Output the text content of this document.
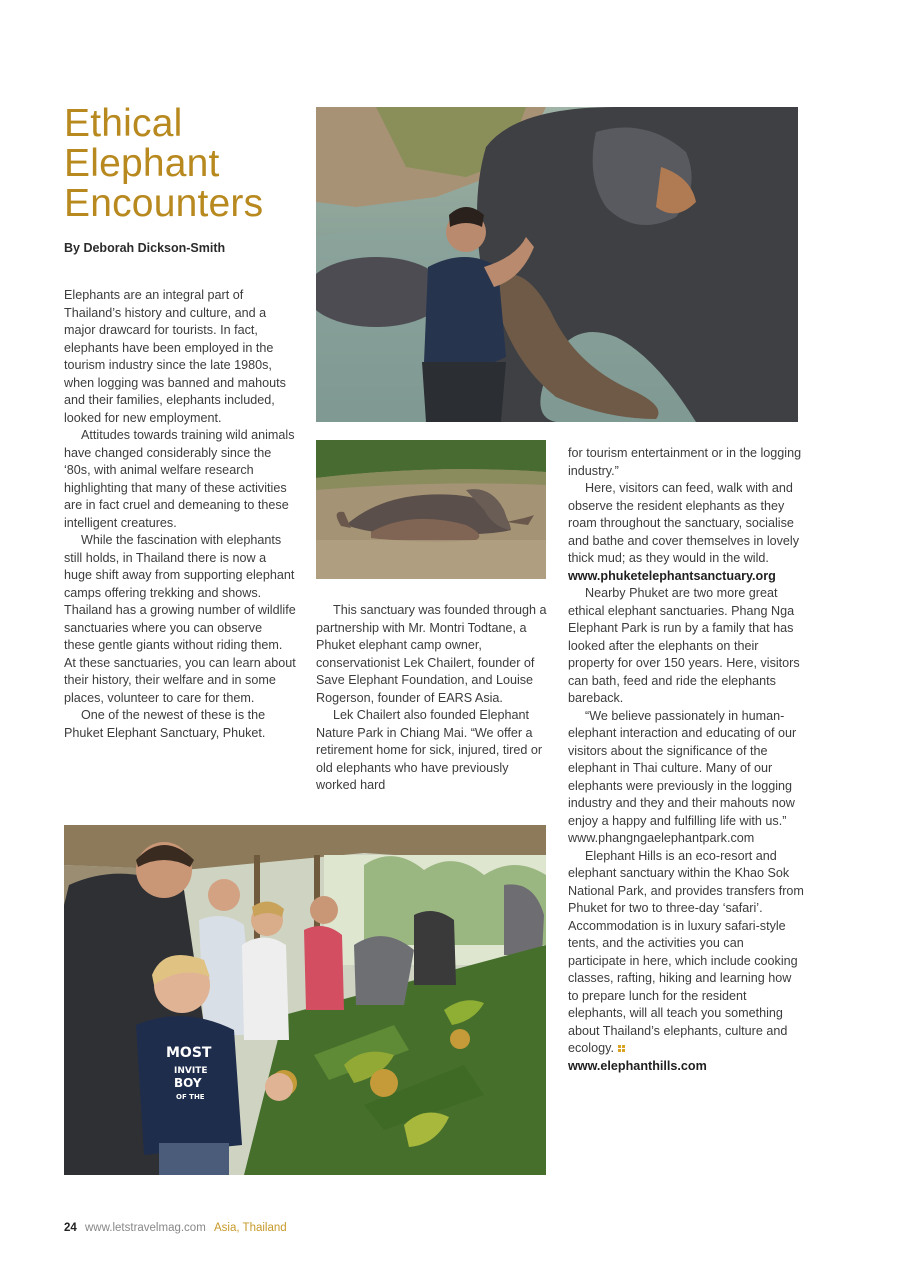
Ethical
Elephant
Encounters
By Deborah Dickson-Smith
MOST
INVITE
BOY
OF THE

Elephants are an integral part of Thailand’s history and culture, and a major drawcard for tourists. In fact, elephants have been employed in the tourism industry since the late 1980s, when logging was banned and mahouts and their families, elephants included, looked for new employment.

Attitudes towards training wild animals have changed considerably since the ‘80s, with animal welfare research highlighting that many of these activities are in fact cruel and demeaning to these intelligent creatures.

While the fascination with elephants still holds, in Thailand there is now a huge shift away from supporting elephant camps offering trekking and shows. Thailand has a growing number of wildlife sanctuaries where you can observe these gentle giants without riding them. At these sanctuaries, you can learn about their history, their welfare and in some places, volunteer to care for them.

One of the newest of these is the Phuket Elephant Sanctuary, Phuket.

This sanctuary was founded through a partnership with Mr. Montri Todtane, a Phuket elephant camp owner, conservationist Lek Chailert, founder of Save Elephant Foundation, and Louise Rogerson, founder of EARS Asia.

Lek Chailert also founded Elephant Nature Park in Chiang Mai. “We offer a retirement home for sick, injured, tired or old elephants who have previously worked hard

for tourism entertainment or in the logging industry.”

Here, visitors can feed, walk with and observe the resident elephants as they roam throughout the sanctuary, socialise and bathe and cover themselves in lovely thick mud; as they would in the wild.

www.phuketelephantsanctuary.org

Nearby Phuket are two more great ethical elephant sanctuaries. Phang Nga Elephant Park is run by a family that has looked after the elephants on their property for over 150 years. Here, visitors can bath, feed and ride the elephants bareback.

“We believe passionately in human-elephant interaction and educating of our visitors about the significance of the elephant in Thai culture. Many of our elephants were previously in the logging industry and they and their mahouts now enjoy a happy and fulfilling life with us.” www.phangngaelephantpark.com

Elephant Hills is an eco-resort and elephant sanctuary within the Khao Sok National Park, and provides transfers from Phuket for two to three-day ‘safari’. Accommodation is in luxury safari-style tents, and the activities you can participate in here, which include cooking classes, rafting, hiking and learning how to prepare lunch for the resident elephants, will all teach you something about Thailand’s elephants, culture and ecology.

www.elephanthills.com

24 www.letstravelmag.com Asia, Thailand
